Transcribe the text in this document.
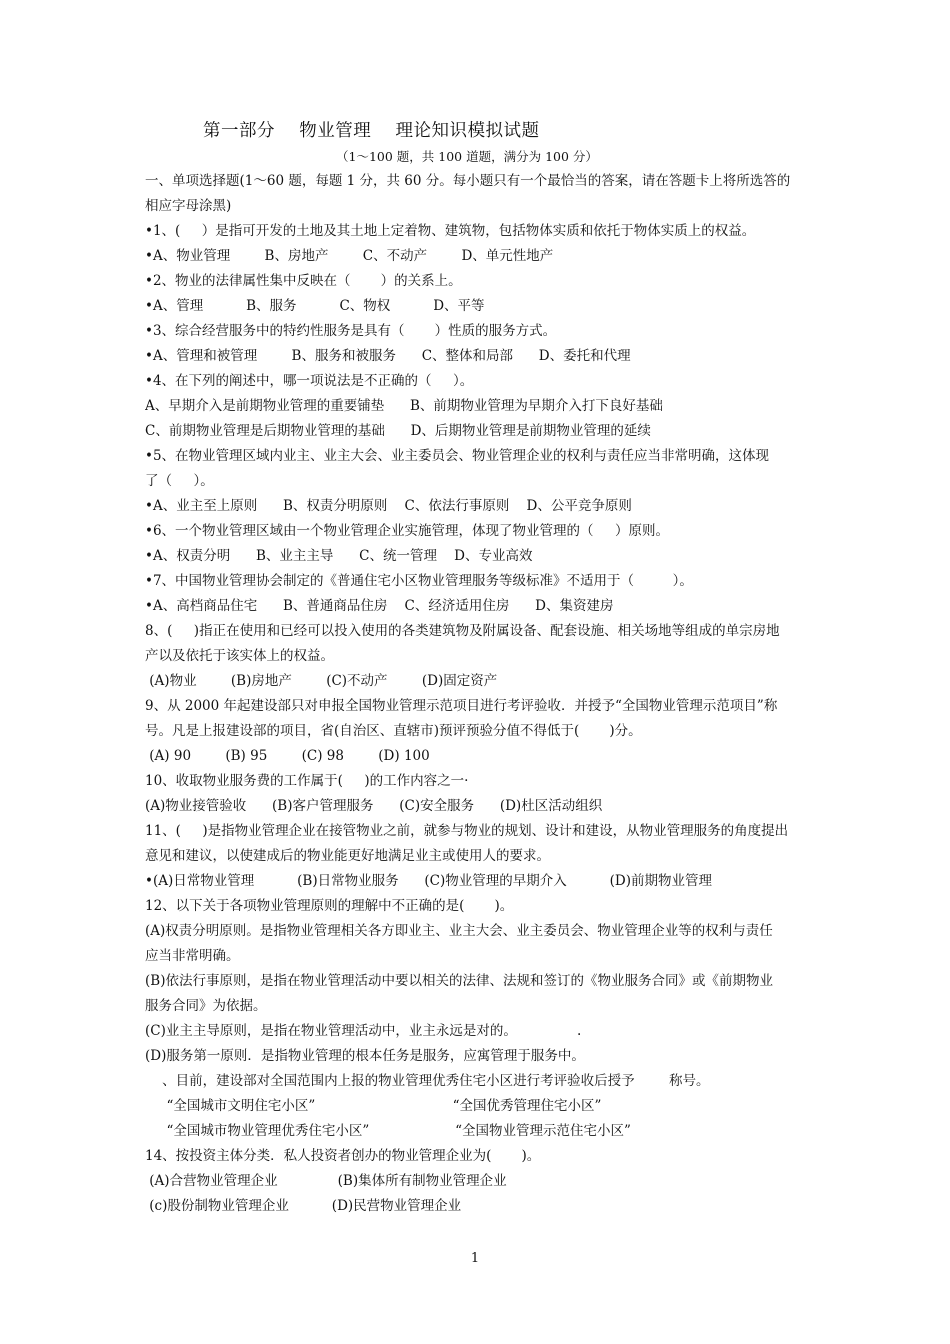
第一部分    物业管理    理论知识模拟试题
（1～100 题，共 100 道题，满分为 100 分）
一、单项选择题(1～60 题，每题 1 分，共 60 分。每小题只有一个最恰当的答案，请在答题卡上将所选答的
相应字母涂黑)
•1、(     ）是指可开发的土地及其土地上定着物、建筑物，包括物体实质和依托于物体实质上的权益。
•A、物业管理        B、房地产        C、不动产        D、单元性地产
•2、物业的法律属性集中反映在（       ）的关系上。
•A、管理          B、服务          C、物权          D、平等
•3、综合经营服务中的特约性服务是具有（       ）性质的服务方式。
•A、管理和被管理        B、服务和被服务      C、整体和局部      D、委托和代理
•4、在下列的阐述中，哪一项说法是不正确的（     ）。
A、早期介入是前期物业管理的重要铺垫      B、前期物业管理为早期介入打下良好基础
C、前期物业管理是后期物业管理的基础      D、后期物业管理是前期物业管理的延续
•5、在物业管理区域内业主、业主大会、业主委员会、物业管理企业的权利与责任应当非常明确，这体现
了（     ）。
•A、业主至上原则      B、权责分明原则    C、依法行事原则    D、公平竞争原则
•6、一个物业管理区域由一个物业管理企业实施管理，体现了物业管理的（     ）原则。
•A、权责分明      B、业主主导      C、统一管理    D、专业高效
•7、中国物业管理协会制定的《普通住宅小区物业管理服务等级标准》不适用于（         ）。
•A、高档商品住宅      B、普通商品住房    C、经济适用住房      D、集资建房
8、(     )指正在使用和已经可以投入使用的各类建筑物及附属设备、配套设施、相关场地等组成的单宗房地
产以及依托于该实体上的权益。
(A)物业        (B)房地产        (C)不动产        (D)固定资产
9、从 2000 年起建设部只对申报全国物业管理示范项目进行考评验收．并授予“全国物业管理示范项目”称
号。凡是上报建设部的项目，省(自治区、直辖市)预评预验分值不得低于(       )分。
(A) 90        (B) 95        (C) 98        (D) 100
10、收取物业服务费的工作属于(     )的工作内容之一·
(A)物业接管验收      (B)客户管理服务      (C)安全服务      (D)杜区活动组织
11、(     )是指物业管理企业在接管物业之前，就参与物业的规划、设计和建设，从物业管理服务的角度提出
意见和建议，以使建成后的物业能更好地满足业主或使用人的要求。
•(A)日常物业管理          (B)日常物业服务      (C)物业管理的早期介入          (D)前期物业管理
12、以下关于各项物业管理原则的理解中不正确的是(       )。
(A)权责分明原则。是指物业管理相关各方即业主、业主大会、业主委员会、物业管理企业等的权利与责任
应当非常明确。
(B)依法行事原则，是指在物业管理活动中要以相关的法律、法规和签订的《物业服务合同》或《前期物业
服务合同》为依据。
(C)业主主导原则，是指在物业管理活动中，业主永远是对的。              .
(D)服务第一原则．是指物业管理的根本任务是服务，应寓管理于服务中。
、目前，建设部对全国范围内上报的物业管理优秀住宅小区进行考评验收后授予        称号。
“全国城市文明住宅小区”                                “全国优秀管理住宅小区”
“全国城市物业管理优秀住宅小区”                    “全国物业管理示范住宅小区”
14、按投资主体分类．私人投资者创办的物业管理企业为(       )。
(A)合营物业管理企业              (B)集体所有制物业管理企业
(c)股份制物业管理企业          (D)民营物业管理企业
1
